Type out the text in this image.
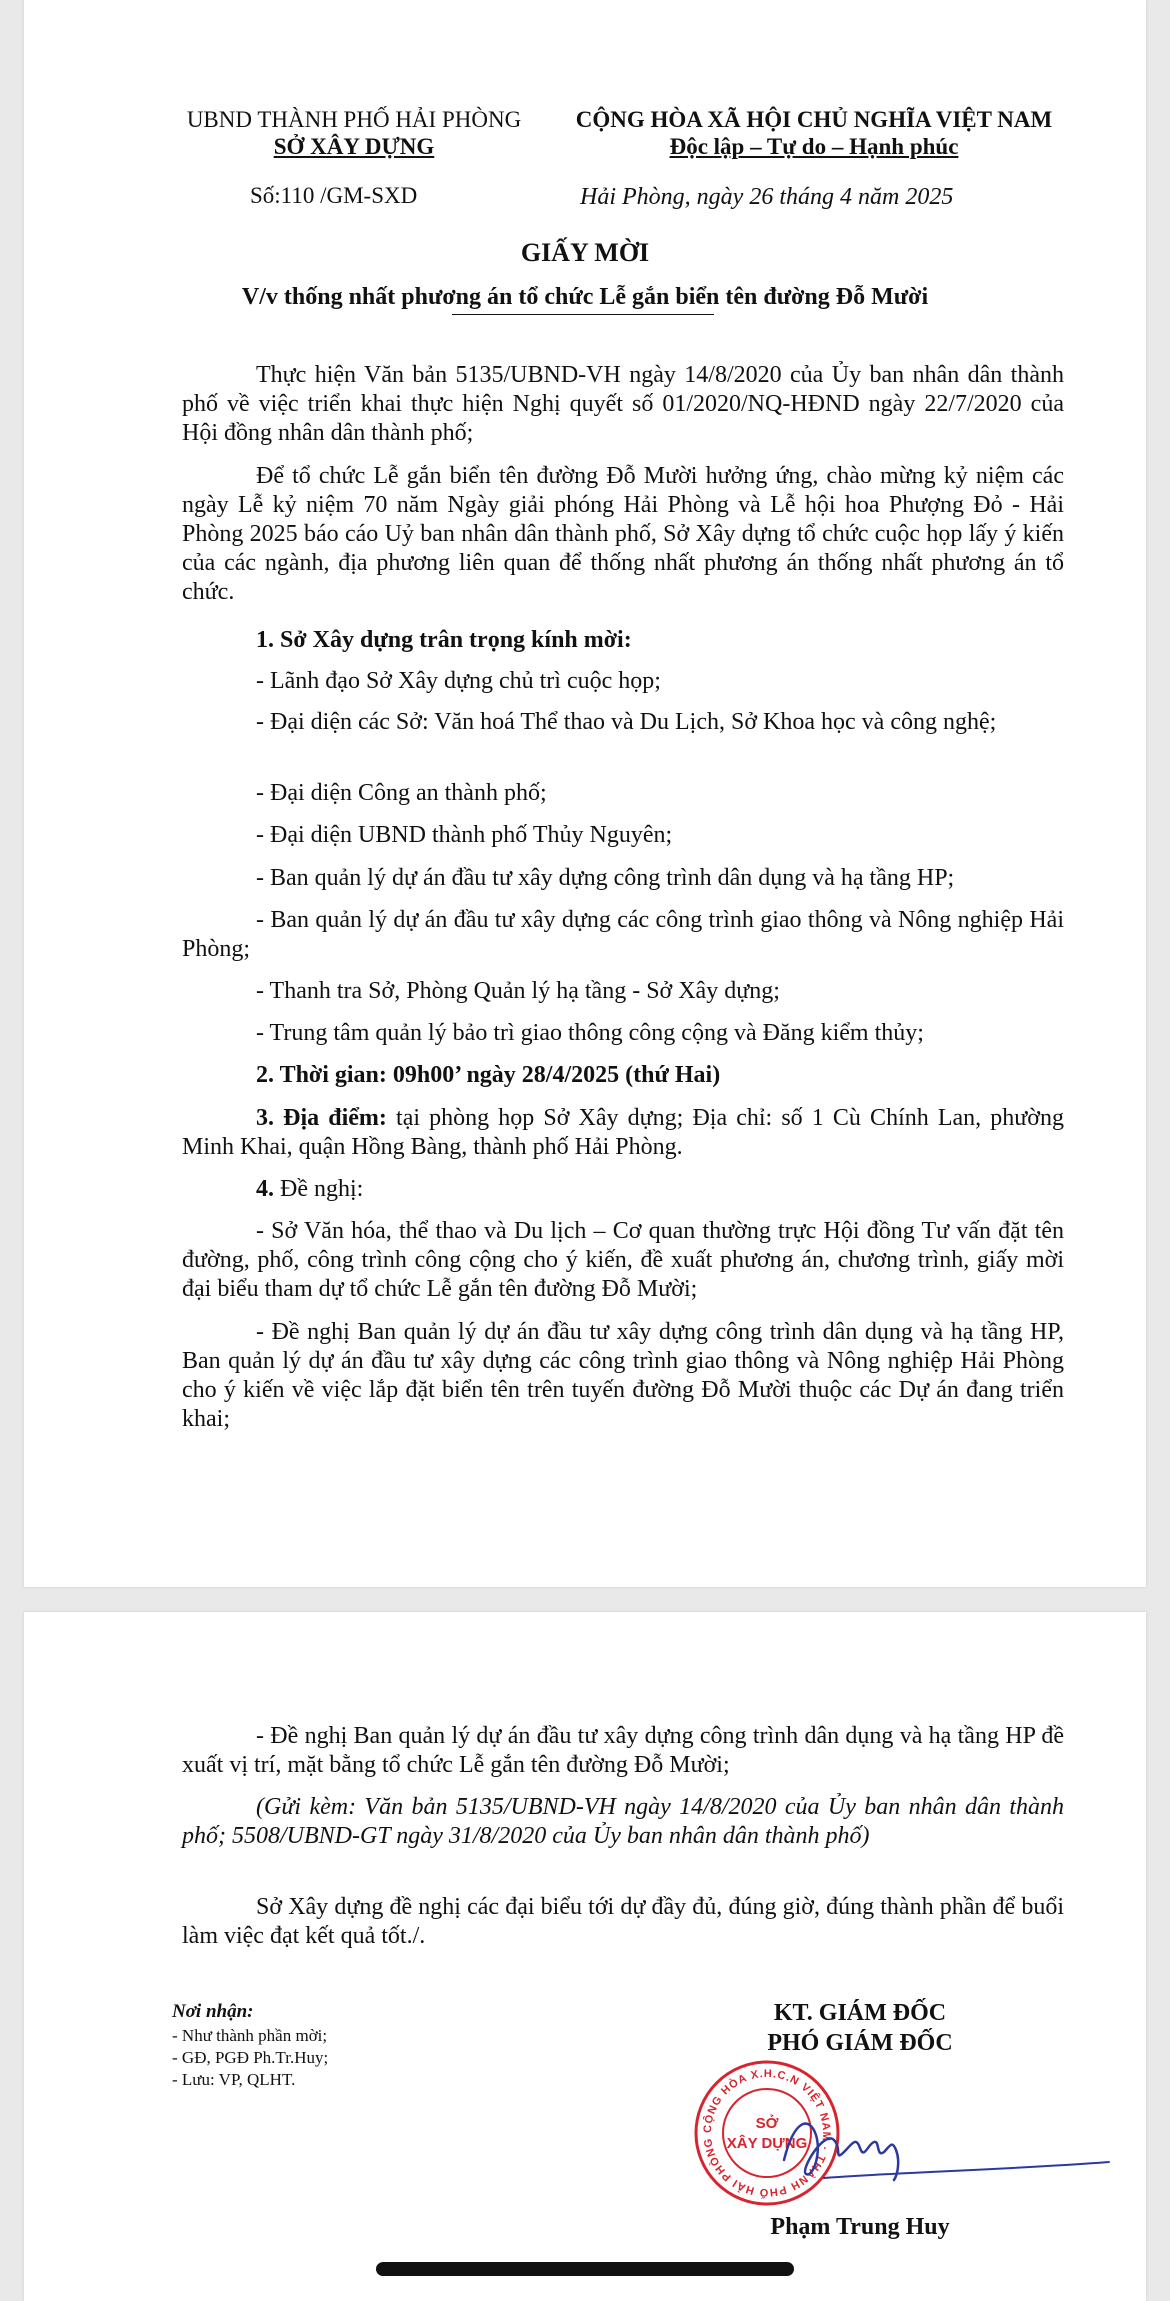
UBND THÀNH PHỐ HẢI PHÒNG
SỞ XÂY DỰNG
CỘNG HÒA XÃ HỘI CHỦ NGHĨA VIỆT NAM
Độc lập – Tự do – Hạnh phúc
Số:110 /GM-SXD	Hải Phòng, ngày 26 tháng 4 năm 2025
GIẤY MỜI
V/v thống nhất phương án tổ chức Lễ gắn biển tên đường Đỗ Mười

Thực hiện Văn bản 5135/UBND-VH ngày 14/8/2020 của Ủy ban nhân dân thành phố về việc triển khai thực hiện Nghị quyết số 01/2020/NQ-HĐND ngày 22/7/2020 của Hội đồng nhân dân thành phố;

Để tổ chức Lễ gắn biển tên đường Đỗ Mười hưởng ứng, chào mừng kỷ niệm các ngày Lễ kỷ niệm 70 năm Ngày giải phóng Hải Phòng và Lễ hội hoa Phượng Đỏ - Hải Phòng 2025 báo cáo Uỷ ban nhân dân thành phố, Sở Xây dựng tổ chức cuộc họp lấy ý kiến của các ngành, địa phương liên quan để thống nhất phương án thống nhất phương án tổ chức.

1. Sở Xây dựng trân trọng kính mời:

- Lãnh đạo Sở Xây dựng chủ trì cuộc họp;

- Đại diện các Sở: Văn hoá Thể thao và Du Lịch, Sở Khoa học và công nghệ;

- Đại diện Công an thành phố;

- Đại diện UBND thành phố Thủy Nguyên;

- Ban quản lý dự án đầu tư xây dựng công trình dân dụng và hạ tầng HP;

- Ban quản lý dự án đầu tư xây dựng các công trình giao thông và Nông nghiệp Hải Phòng;

- Thanh tra Sở, Phòng Quản lý hạ tầng - Sở Xây dựng;

- Trung tâm quản lý bảo trì giao thông công cộng và Đăng kiểm thủy;

2. Thời gian: 09h00’ ngày 28/4/2025 (thứ Hai)

3. Địa điểm: tại phòng họp Sở Xây dựng; Địa chỉ: số 1 Cù Chính Lan, phường Minh Khai, quận Hồng Bàng, thành phố Hải Phòng.

4. Đề nghị:

- Sở Văn hóa, thể thao và Du lịch – Cơ quan thường trực Hội đồng Tư vấn đặt tên đường, phố, công trình công cộng cho ý kiến, đề xuất phương án, chương trình, giấy mời đại biểu tham dự tổ chức Lễ gắn tên đường Đỗ Mười;

- Đề nghị Ban quản lý dự án đầu tư xây dựng công trình dân dụng và hạ tầng HP, Ban quản lý dự án đầu tư xây dựng các công trình giao thông và Nông nghiệp Hải Phòng cho ý kiến về việc lắp đặt biển tên trên tuyến đường Đỗ Mười thuộc các Dự án đang triển khai;

- Đề nghị Ban quản lý dự án đầu tư xây dựng công trình dân dụng và hạ tầng HP đề xuất vị trí, mặt bằng tổ chức Lễ gắn tên đường Đỗ Mười;

(Gửi kèm: Văn bản 5135/UBND-VH ngày 14/8/2020 của Ủy ban nhân dân thành phố; 5508/UBND-GT ngày 31/8/2020 của Ủy ban nhân dân thành phố)

Sở Xây dựng đề nghị các đại biểu tới dự đầy đủ, đúng giờ, đúng thành phần để buổi làm việc đạt kết quả tốt./.

Nơi nhận:
- Như thành phần mời;
- GĐ, PGĐ Ph.Tr.Huy;
- Lưu: VP, QLHT.
KT. GIÁM ĐỐC
PHÓ GIÁM ĐỐC
CỘNG HÒA X.H.C.N VIỆT NAM · THÀNH PHỐ HẢI PHÒNG
SỞ
XÂY DỰNG
Phạm Trung Huy
